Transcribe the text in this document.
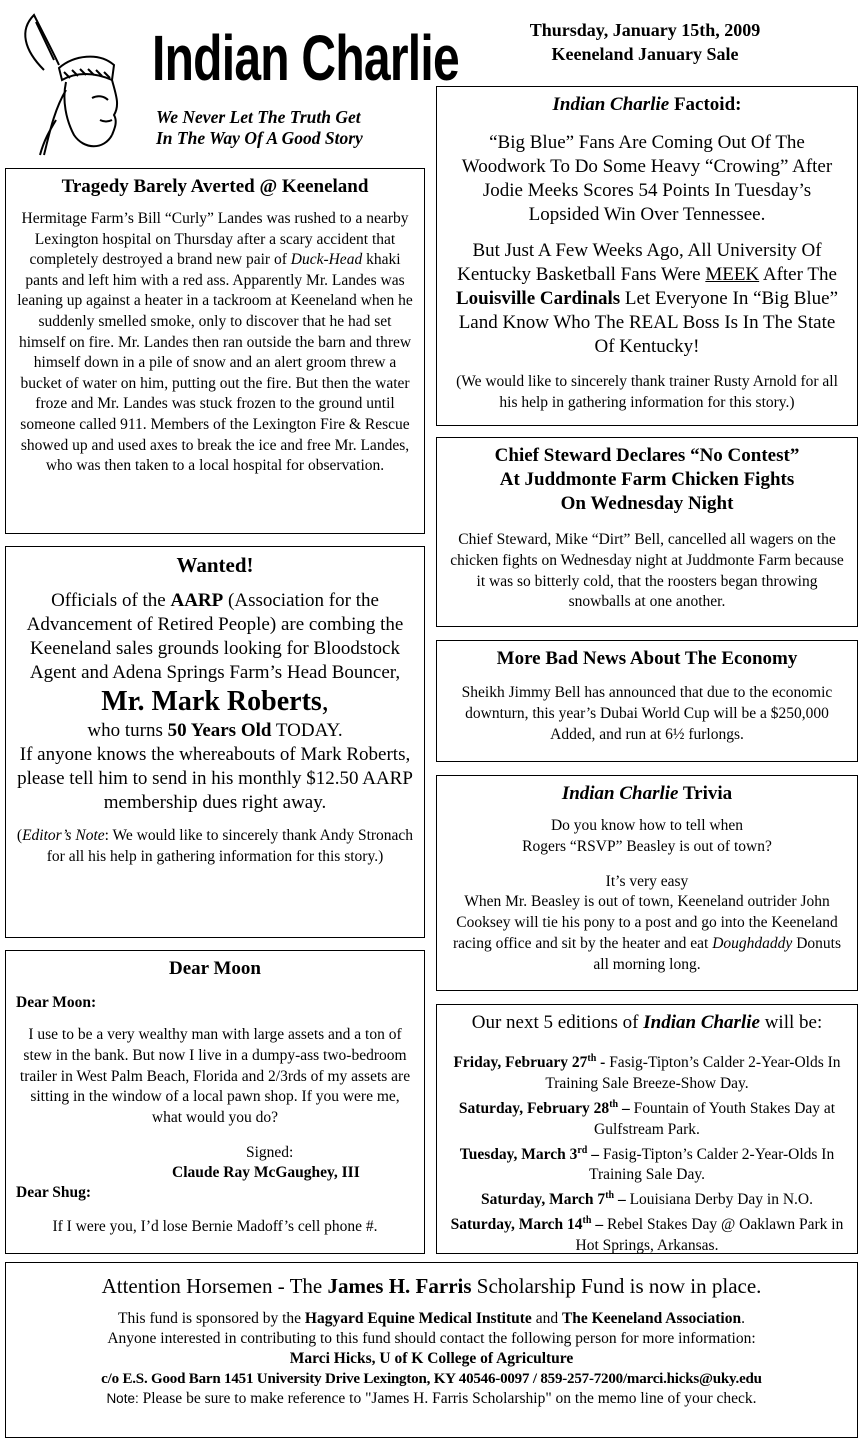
Indian Charlie
We Never Let The Truth Get
In The Way Of A Good Story
Thursday, January 15th, 2009
Keeneland January Sale
Tragedy Barely Averted @ Keeneland

Hermitage Farm’s Bill “Curly” Landes was rushed to a nearby Lexington hospital on Thursday after a scary accident that completely destroyed a brand new pair of Duck-Head khaki pants and left him with a red ass. Apparently Mr. Landes was leaning up against a heater in a tackroom at Keeneland when he suddenly smelled smoke, only to discover that he had set himself on fire. Mr. Landes then ran outside the barn and threw himself down in a pile of snow and an alert groom threw a bucket of water on him, putting out the fire. But then the water froze and Mr. Landes was stuck frozen to the ground until someone called 911. Members of the Lexington Fire & Rescue showed up and used axes to break the ice and free Mr. Landes, who was then taken to a local hospital for observation.

Indian Charlie Factoid:

“Big Blue” Fans Are Coming Out Of The Woodwork To Do Some Heavy “Crowing” After Jodie Meeks Scores 54 Points In Tuesday’s Lopsided Win Over Tennessee.

But Just A Few Weeks Ago, All University Of Kentucky Basketball Fans Were MEEK After The Louisville Cardinals Let Everyone In “Big Blue” Land Know Who The REAL Boss Is In The State Of Kentucky!

(We would like to sincerely thank trainer Rusty Arnold for all his help in gathering information for this story.)

Chief Steward Declares “No Contest”
At Juddmonte Farm Chicken Fights
On Wednesday Night

Chief Steward, Mike “Dirt” Bell, cancelled all wagers on the chicken fights on Wednesday night at Juddmonte Farm because it was so bitterly cold, that the roosters began throwing snowballs at one another.

Wanted!

Officials of the AARP (Association for the Advancement of Retired People) are combing the Keeneland sales grounds looking for Bloodstock Agent and Adena Springs Farm’s Head Bouncer,

Mr. Mark Roberts,

who turns 50 Years Old TODAY.

If anyone knows the whereabouts of Mark Roberts, please tell him to send in his monthly $12.50 AARP membership dues right away.

(Editor’s Note: We would like to sincerely thank Andy Stronach for all his help in gathering information for this story.)

More Bad News About The Economy

Sheikh Jimmy Bell has announced that due to the economic downturn, this year’s Dubai World Cup will be a $250,000 Added, and run at 6½ furlongs.

Indian Charlie Trivia

Do you know how to tell when
Rogers “RSVP” Beasley is out of town?

It’s very easy
When Mr. Beasley is out of town, Keeneland outrider John Cooksey will tie his pony to a post and go into the Keeneland racing office and sit by the heater and eat Doughdaddy Donuts all morning long.

Dear Moon

Dear Moon:

I use to be a very wealthy man with large assets and a ton of stew in the bank. But now I live in a dumpy-ass two-bedroom trailer in West Palm Beach, Florida and 2/3rds of my assets are sitting in the window of a local pawn shop. If you were me, what would you do?

Signed:

Claude Ray McGaughey, III

Dear Shug:

If I were you, I’d lose Bernie Madoff’s cell phone #.

Our next 5 editions of Indian Charlie will be:

Friday, February 27th - Fasig-Tipton’s Calder 2-Year-Olds In Training Sale Breeze-Show Day.

Saturday, February 28th – Fountain of Youth Stakes Day at Gulfstream Park.

Tuesday, March 3rd – Fasig-Tipton’s Calder 2-Year-Olds In Training Sale Day.

Saturday, March 7th – Louisiana Derby Day in N.O.

Saturday, March 14th – Rebel Stakes Day @ Oaklawn Park in Hot Springs, Arkansas.

Attention Horsemen - The James H. Farris Scholarship Fund is now in place.

This fund is sponsored by the Hagyard Equine Medical Institute and The Keeneland Association.

Anyone interested in contributing to this fund should contact the following person for more information:

Marci Hicks, U of K College of Agriculture

c/o E.S. Good Barn 1451 University Drive Lexington, KY 40546-0097 / 859-257-7200/marci.hicks@uky.edu

Note: Please be sure to make reference to "James H. Farris Scholarship" on the memo line of your check.
